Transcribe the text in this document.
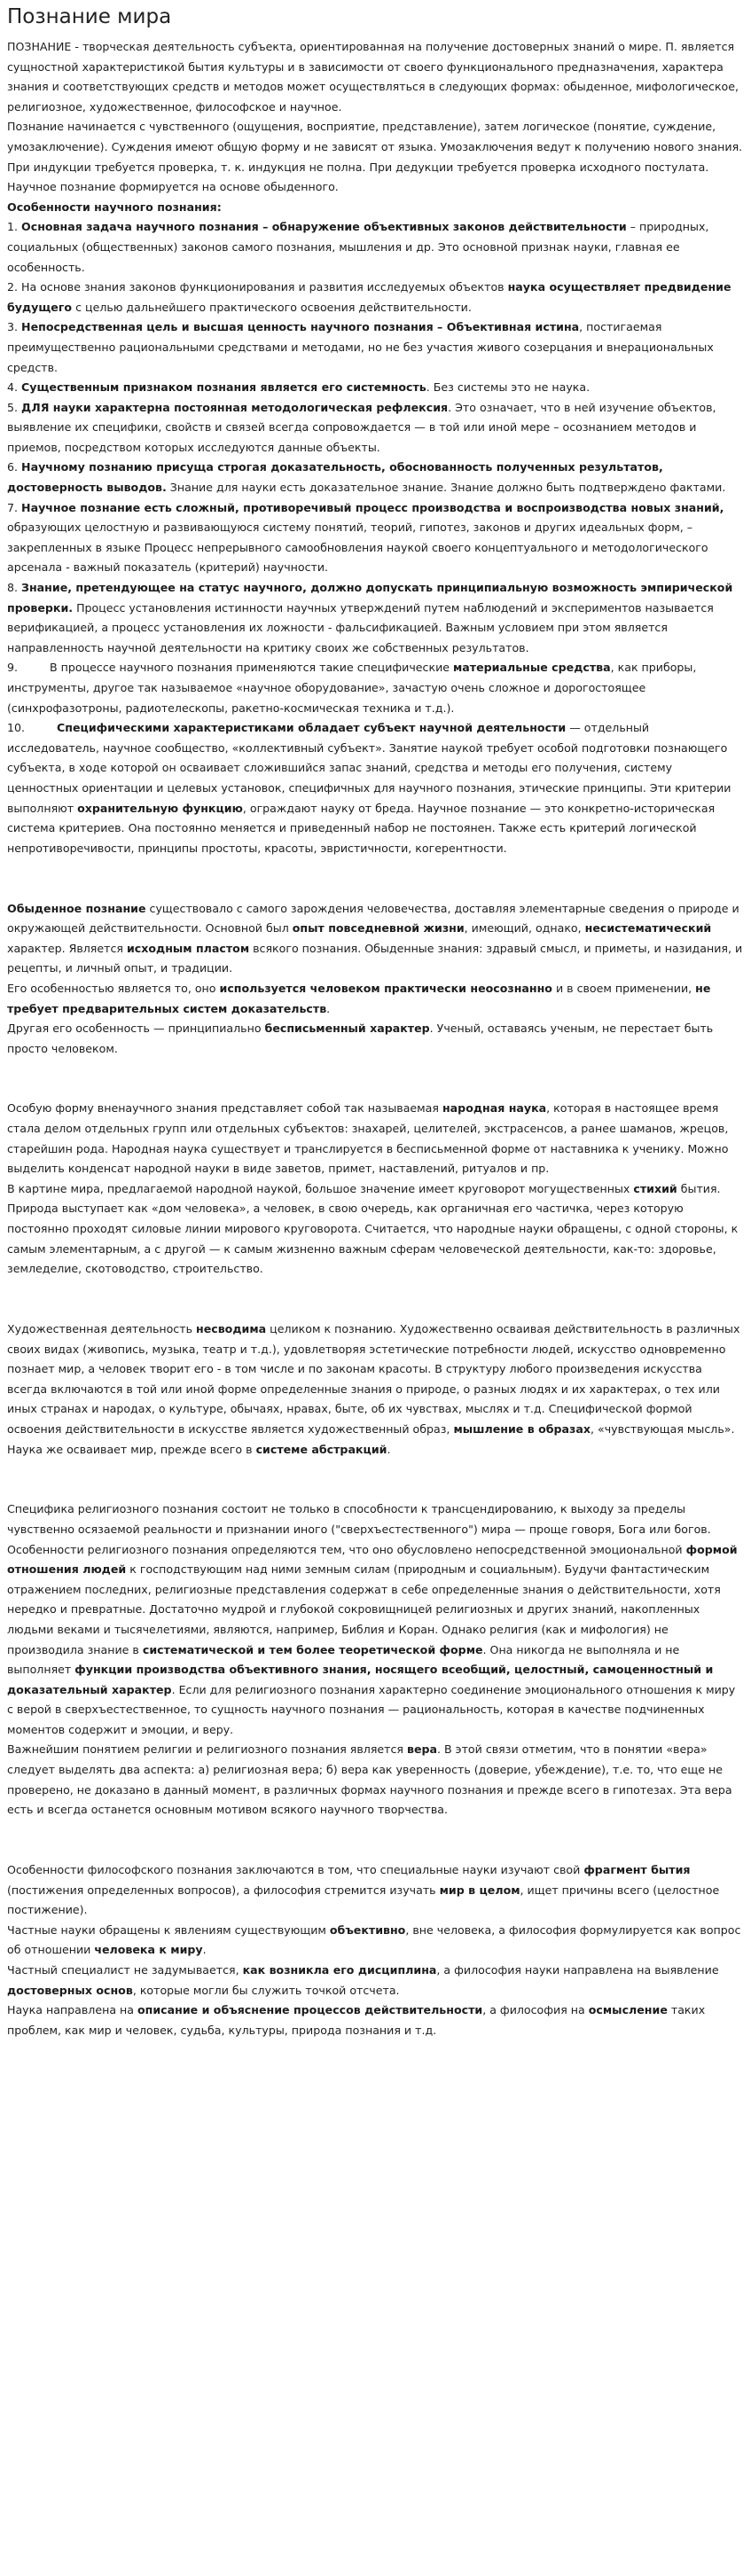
Познание мира

ПОЗНАНИЕ - творческая деятельность субъекта, ориентированная на получение достоверных знаний о мире. П. является сущностной характеристикой бытия культуры и в зависимости от своего функционального предназначения, характера знания и соответствующих средств и методов может осуществляться в следующих формах: обыденное, мифологическое, религиозное, художественное, философское и научное.

Познание начинается с чувственного (ощущения, восприятие, представление), затем логическое (понятие, суждение, умозаключение). Суждения имеют общую форму и не зависят от языка. Умозаключения ведут к получению нового знания. При индукции требуется проверка, т. к. индукция не полна. При дедукции требуется проверка исходного постулата.

Научное познание формируется на основе обыденного.

Особенности научного познания:

1. Основная задача научного познания – обнаружение объективных законов действительности – природных, социальных (общественных) законов самого познания, мышления и др. Это основной признак науки, главная ее особенность.

2. На основе знания законов функционирования и развития исследуемых объектов наука осуществляет предвидение будущего с целью дальнейшего практического освоения действительности.

3. Непосредственная цель и высшая ценность научного познания – Объективная истина, постигаемая преимущественно рациональными средствами и методами, но не без участия живого созерцания и внерациональных средств.

4. Существенным признаком познания является его системность. Без системы это не наука.

5. ДЛЯ науки характерна постоянная методологическая рефлексия. Это означает, что в ней изучение объектов, выявление их специфики, свойств и связей всегда сопровождается — в той или иной мере – осознанием методов и приемов, посредством которых исследуются данные объекты.

6. Научному познанию присуща строгая доказательность, обоснованность полученных результатов, достоверность выводов. Знание для науки есть доказательное знание. Знание должно быть подтверждено фактами.

7. Научное познание есть сложный, противоречивый процесс производства и воспроизводства новых знаний, образующих целостную и развивающуюся систему понятий, теорий, гипотез, законов и других идеальных форм, – закрепленных в языке Процесс непрерывного самообновления наукой своего концептуального и методологического арсенала - важный показатель (критерий) научности.

8. Знание, претендующее на статус научного, должно допускать принципиальную возможность эмпирической проверки. Процесс установления истинности научных утверждений путем наблюдений и экспериментов называется верификацией, а процесс установления их ложности - фальсификацией. Важным условием при этом является направленность научной деятельности на критику своих же собственных результатов.

9.	В процессе научного познания применяются такие специфические материальные средства, как приборы, инструменты, другое так называемое «научное оборудование», зачастую очень сложное и дорогостоящее (синхрофазотроны, радиотелескопы, ракетно-космическая техника и т.д.).

10.	Специфическими характеристиками обладает субъект научной деятельности — отдельный исследователь, научное сообщество, «коллективный субъект». Занятие наукой требует особой подготовки познающего субъекта, в ходе которой он осваивает сложившийся запас знаний, средства и методы его получения, систему ценностных ориентации и целевых установок, специфичных для научного познания, этические принципы. Эти критерии выполняют охранительную функцию, ограждают науку от бреда. Научное познание — это конкретно-историческая система критериев. Она постоянно меняется и приведенный набор не постоянен. Также есть критерий логической непротиворечивости, принципы простоты, красоты, эвристичности, когерентности.

Обыденное познание существовало с самого зарождения человечества, доставляя элементарные сведения о природе и окружающей действительности. Основной был опыт повседневной жизни, имеющий, однако, несистематический характер. Является исходным пластом всякого познания. Обыденные знания: здравый смысл, и приметы, и назидания, и рецепты, и личный опыт, и традиции.

Его особенностью является то, оно используется человеком практически неосознанно и в своем применении, не требует предварительных систем доказательств.

Другая его особенность — принципиально бесписьменный характер. Ученый, оставаясь ученым, не перестает быть просто человеком.

Особую форму вненаучного знания представляет собой так называемая народная наука, которая в настоящее время стала делом отдельных групп или отдельных субъектов: знахарей, целителей, экстрасенсов, а ранее шаманов, жрецов, старейшин рода. Народная наука существует и транслируется в бесписьменной форме от наставника к ученику. Можно выделить конденсат народной науки в виде заветов, примет, наставлений, ритуалов и пр.

В картине мира, предлагаемой народной наукой, большое значение имеет круговорот могущественных стихий бытия. Природа выступает как «дом человека», а человек, в свою очередь, как органичная его частичка, через которую постоянно проходят силовые линии мирового круговорота. Считается, что народные науки обращены, с одной стороны, к самым элементарным, а с другой — к самым жизненно важным сферам человеческой деятельности, как-то: здоровье, земледелие, скотоводство, строительство.

Художественная деятельность несводима целиком к познанию. Художественно осваивая действительность в различных своих видах (живопись, музыка, театр и т.д.), удовлетворяя эстетические потребности людей, искусство одновременно познает мир, а человек творит его - в том числе и по законам красоты. В структуру любого произведения искусства всегда включаются в той или иной форме определенные знания о природе, о разных людях и их характерах, о тех или иных странах и народах, о культуре, обычаях, нравах, быте, об их чувствах, мыслях и т.д. Специфической формой освоения действительности в искусстве является художественный образ, мышление в образах, «чувствующая мысль». Наука же осваивает мир, прежде всего в системе абстракций.

Специфика религиозного познания состоит не только в способности к трансцендированию, к выходу за пределы чувственно осязаемой реальности и признании иного ("сверхъестественного") мира — проще говоря, Бога или богов. Особенности религиозного познания определяются тем, что оно обусловлено непосредственной эмоциональной формой отношения людей к господствующим над ними земным силам (природным и социальным). Будучи фантастическим отражением последних, религиозные представления содержат в себе определенные знания о действительности, хотя нередко и превратные. Достаточно мудрой и глубокой сокровищницей религиозных и других знаний, накопленных людьми веками и тысячелетиями, являются, например, Библия и Коран. Однако религия (как и мифология) не производила знание в систематической и тем более теоретической форме. Она никогда не выполняла и не выполняет функции производства объективного знания, носящего всеобщий, целостный, самоценностный и доказательный характер. Если для религиозного познания характерно соединение эмоционального отношения к миру с верой в сверхъестественное, то сущность научного познания — рациональность, которая в качестве подчиненных моментов содержит и эмоции, и веру.

Важнейшим понятием религии и религиозного познания является вера. В этой связи отметим, что в понятии «вера» следует выделять два аспекта: а) религиозная вера; б) вера как уверенность (доверие, убеждение), т.е. то, что еще не проверено, не доказано в данный момент, в различных формах научного познания и прежде всего в гипотезах. Эта вера есть и всегда останется основным мотивом всякого научного творчества.

Особенности философского познания заключаются в том, что специальные науки изучают свой фрагмент бытия (постижения определенных вопросов), а философия стремится изучать мир в целом, ищет причины всего (целостное постижение).

Частные науки обращены к явлениям существующим объективно, вне человека, а философия формулируется как вопрос об отношении человека к миру.

Частный специалист не задумывается, как возникла его дисциплина, а философия науки направлена на выявление достоверных основ, которые могли бы служить точкой отсчета.

Наука направлена на описание и объяснение процессов действительности, а философия на осмысление таких проблем, как мир и человек, судьба, культуры, природа познания и т.д.
